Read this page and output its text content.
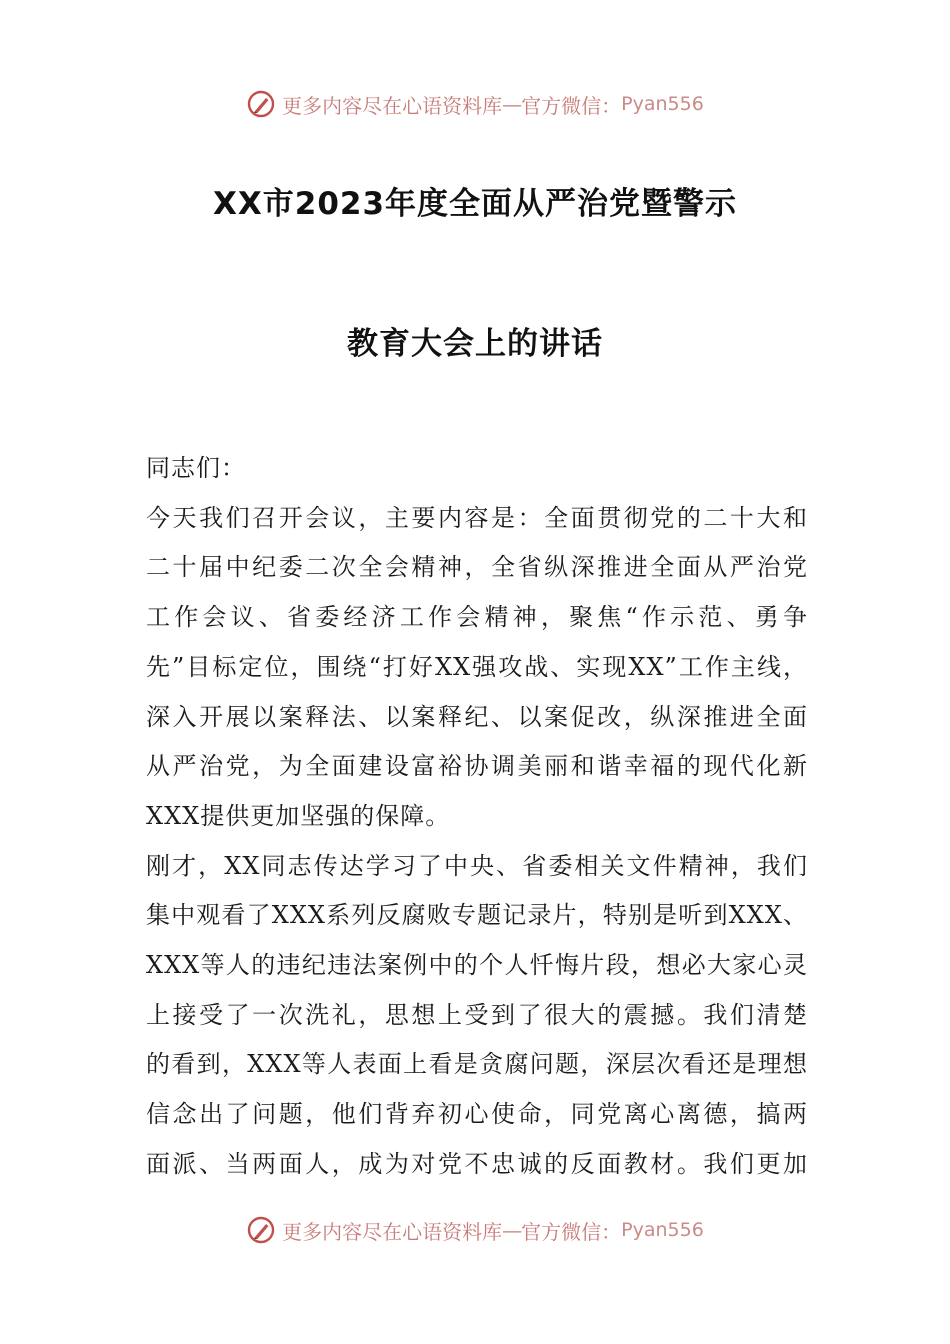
更多内容尽在心语资料库 — 官方微信： Pyan556
XX市2023年度全面从严治党暨警示
教育大会上的讲话

同志们：

今天我们召开会议，主要内容是：全面贯彻党的二十大和

二十届中纪委二次全会精神，全省纵深推进全面从严治党

工作会议、省委经济工作会精神，聚焦“作示范、勇争

先”目标定位，围绕“打好XX强攻战、实现XX”工作主线，

深入开展以案释法、以案释纪、以案促改，纵深推进全面

从严治党，为全面建设富裕协调美丽和谐幸福的现代化新

XXX提供更加坚强的保障。

刚才，XX同志传达学习了中央、省委相关文件精神，我们

集中观看了XXX系列反腐败专题记录片，特别是听到XXX、

XXX等人的违纪违法案例中的个人忏悔片段，想必大家心灵

上接受了一次洗礼，思想上受到了很大的震撼。我们清楚

的看到，XXX等人表面上看是贪腐问题，深层次看还是理想

信念出了问题，他们背弃初心使命，同党离心离德，搞两

面派、当两面人，成为对党不忠诚的反面教材。我们更加

更多内容尽在心语资料库 — 官方微信： Pyan556
